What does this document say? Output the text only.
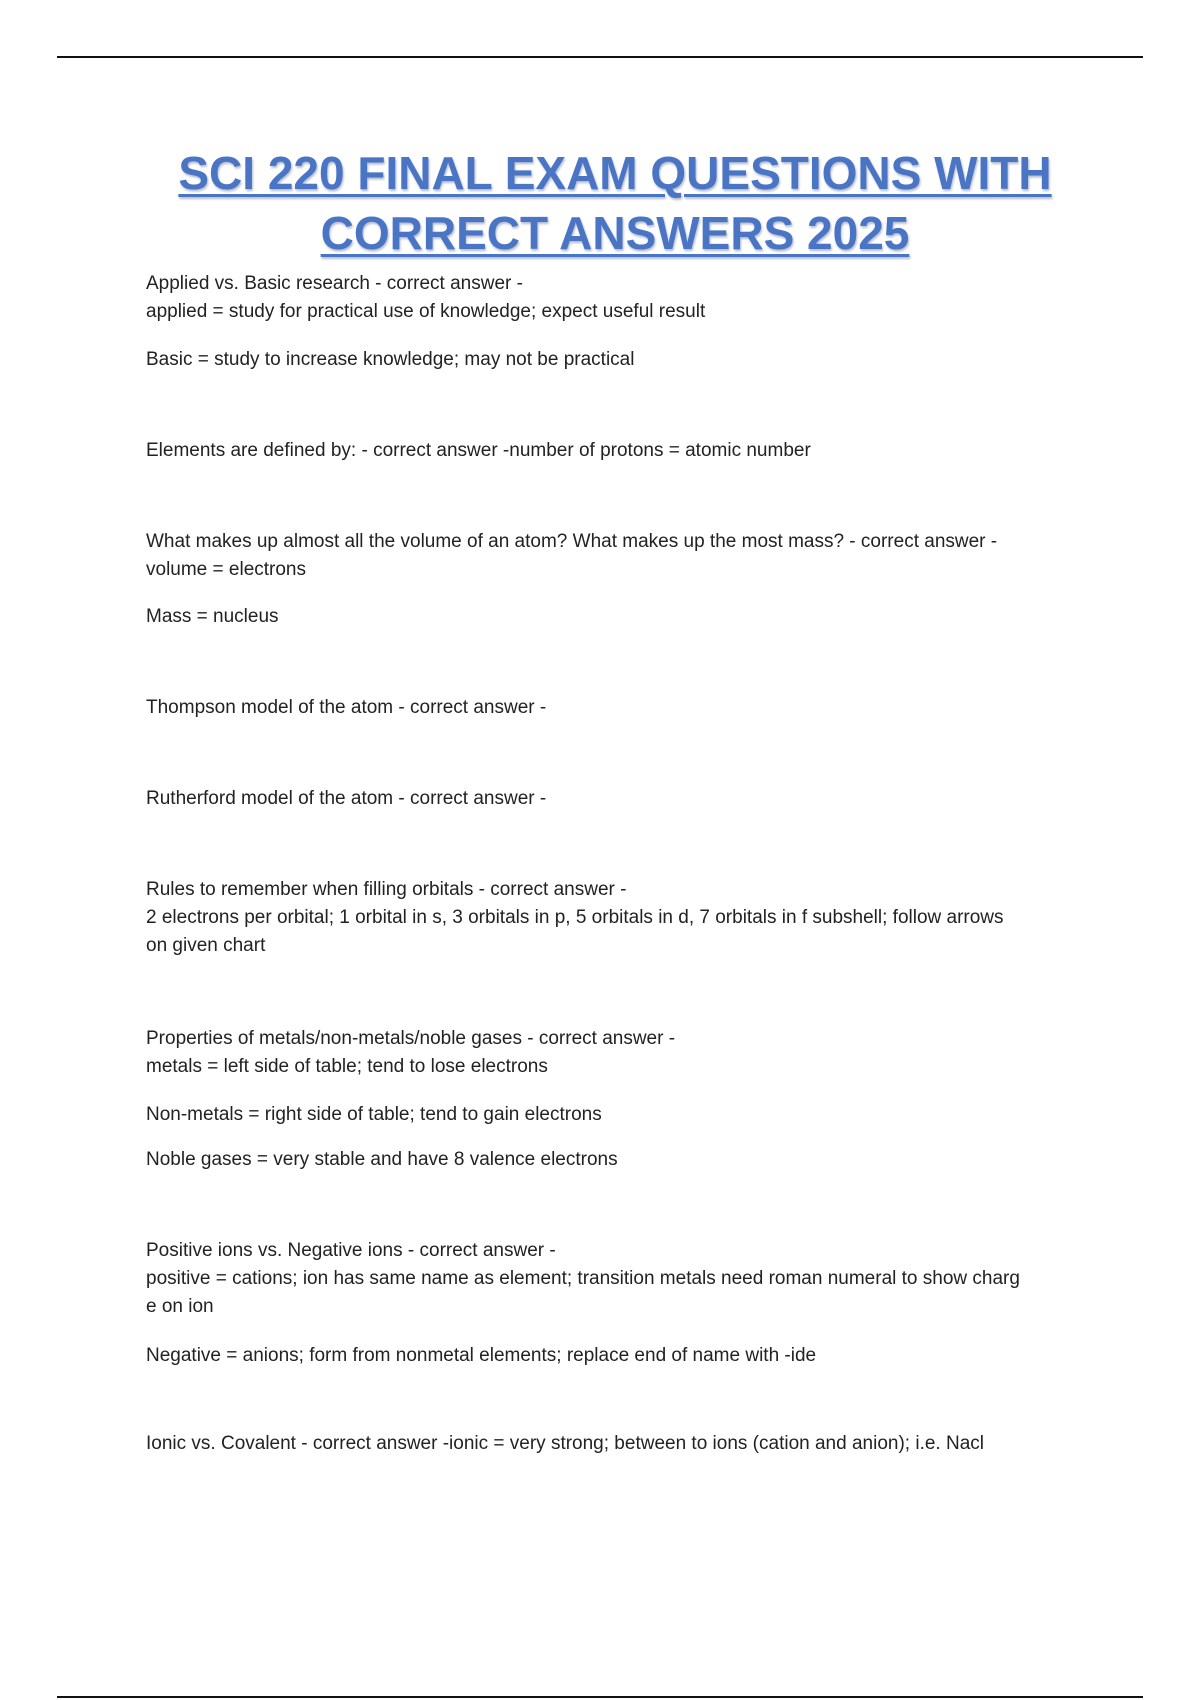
SCI 220 FINAL EXAM QUESTIONS WITH
CORRECT ANSWERS 2025

Applied vs. Basic research - correct answer -
applied = study for practical use of knowledge; expect useful result

Basic = study to increase knowledge; may not be practical

Elements are defined by: - correct answer -number of protons = atomic number

What makes up almost all the volume of an atom? What makes up the most mass? - correct answer -
volume = electrons

Mass = nucleus

Thompson model of the atom - correct answer -

Rutherford model of the atom - correct answer -

Rules to remember when filling orbitals - correct answer -
2 electrons per orbital; 1 orbital in s, 3 orbitals in p, 5 orbitals in d, 7 orbitals in f subshell; follow arrows
on given chart

Properties of metals/non-metals/noble gases - correct answer -
metals = left side of table; tend to lose electrons

Non-metals = right side of table; tend to gain electrons

Noble gases = very stable and have 8 valence electrons

Positive ions vs. Negative ions - correct answer -
positive = cations; ion has same name as element; transition metals need roman numeral to show charg
e on ion

Negative = anions; form from nonmetal elements; replace end of name with -ide

Ionic vs. Covalent - correct answer -ionic = very strong; between to ions (cation and anion); i.e. Nacl
